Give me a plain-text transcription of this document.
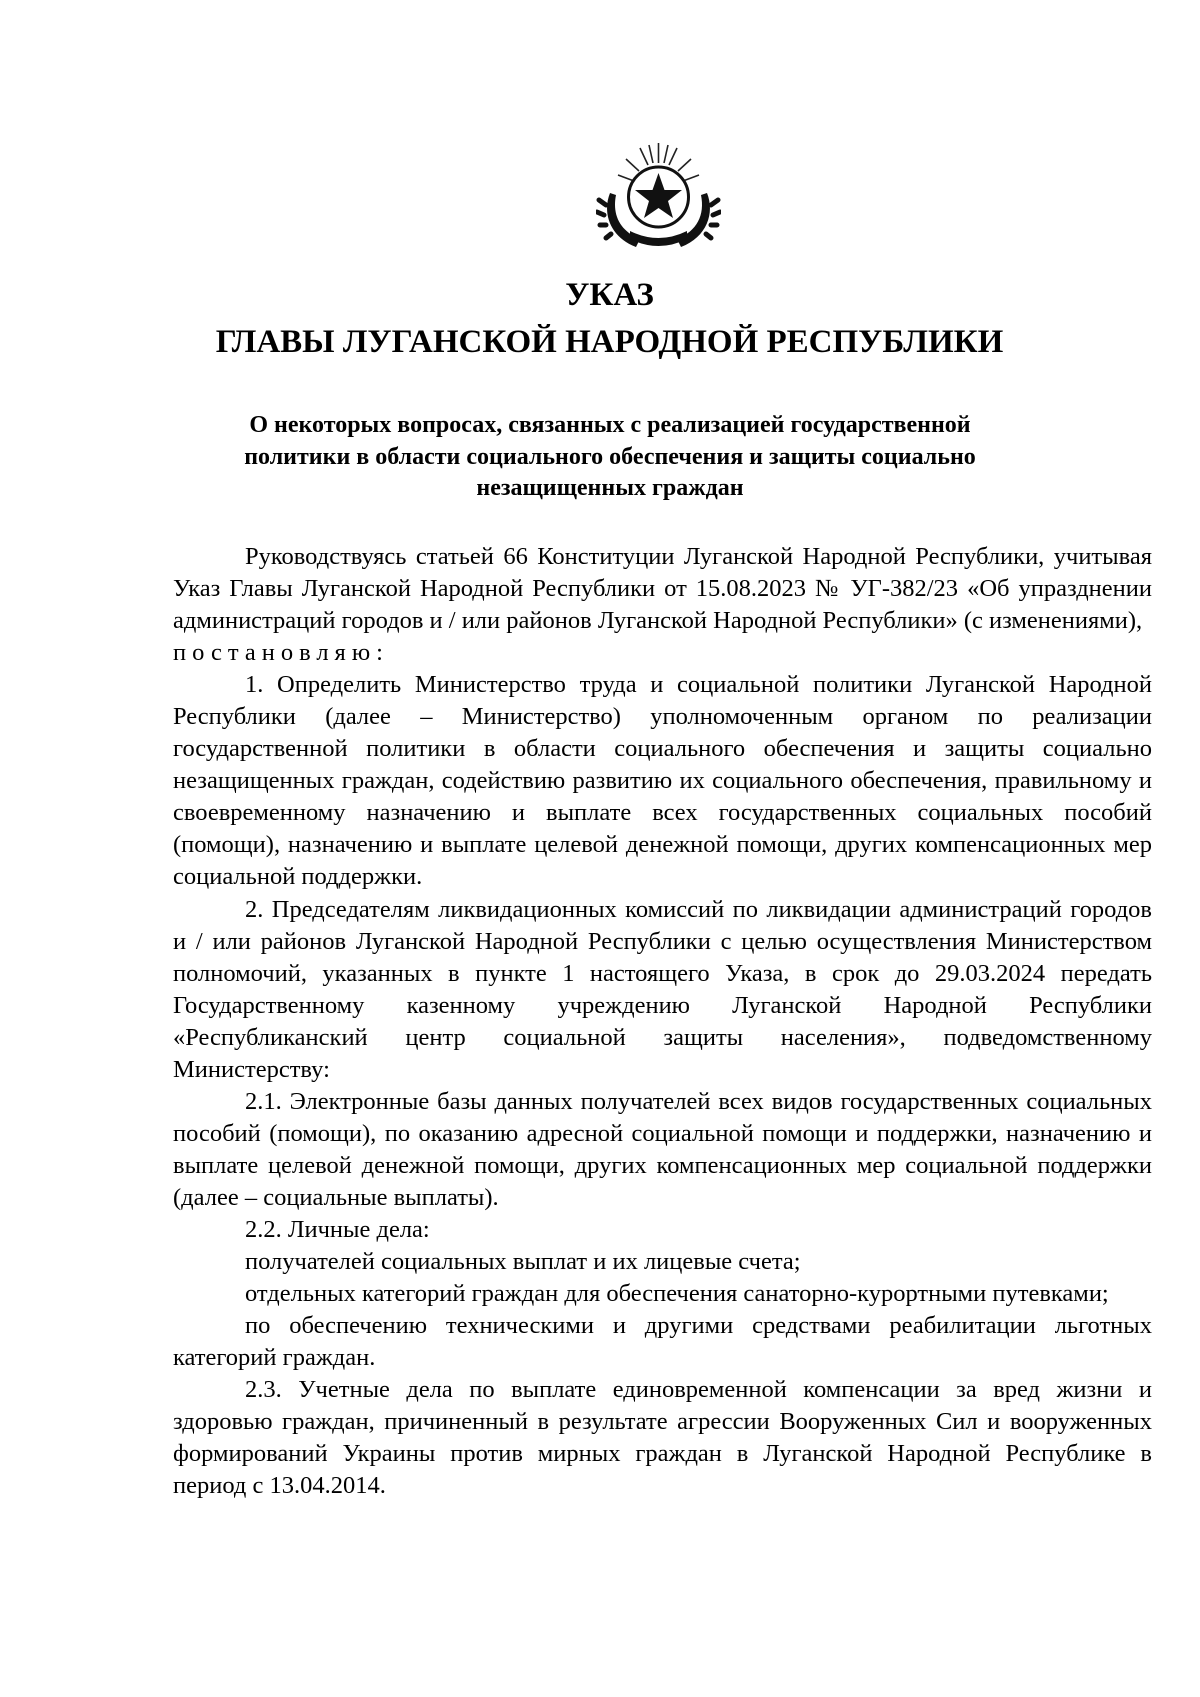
УКАЗ
ГЛАВЫ ЛУГАНСКОЙ НАРОДНОЙ РЕСПУБЛИКИ
О некоторых вопросах, связанных с реализацией государственной
политики в области социального обеспечения и защиты социально
незащищенных граждан

Руководствуясь статьей 66 Конституции Луганской Народной Республики, учитывая Указ Главы Луганской Народной Республики от 15.08.2023 № УГ-382/23 «Об упразднении администраций городов и / или районов Луганской Народной Республики» (с изменениями),

постановляю:

1. Определить Министерство труда и социальной политики Луганской Народной Республики (далее – Министерство) уполномоченным органом по реализации государственной политики в области социального обеспечения и защиты социально незащищенных граждан, содействию развитию их социального обеспечения, правильному и своевременному назначению и выплате всех государственных социальных пособий (помощи), назначению и выплате целевой денежной помощи, других компенсационных мер социальной поддержки.

2. Председателям ликвидационных комиссий по ликвидации администраций городов и / или районов Луганской Народной Республики с целью осуществления Министерством полномочий, указанных в пункте 1 настоящего Указа, в срок до 29.03.2024 передать Государственному казенному учреждению Луганской Народной Республики «Республиканский центр социальной защиты населения», подведомственному Министерству:

2.1. Электронные базы данных получателей всех видов государственных социальных пособий (помощи), по оказанию адресной социальной помощи и поддержки, назначению и выплате целевой денежной помощи, других компенсационных мер социальной поддержки (далее – социальные выплаты).

2.2. Личные дела:

получателей социальных выплат и их лицевые счета;

отдельных категорий граждан для обеспечения санаторно-курортными путевками;

по обеспечению техническими и другими средствами реабилитации льготных категорий граждан.

2.3. Учетные дела по выплате единовременной компенсации за вред жизни и здоровью граждан, причиненный в результате агрессии Вооруженных Сил и вооруженных формирований Украины против мирных граждан в Луганской Народной Республике в период с 13.04.2014.
